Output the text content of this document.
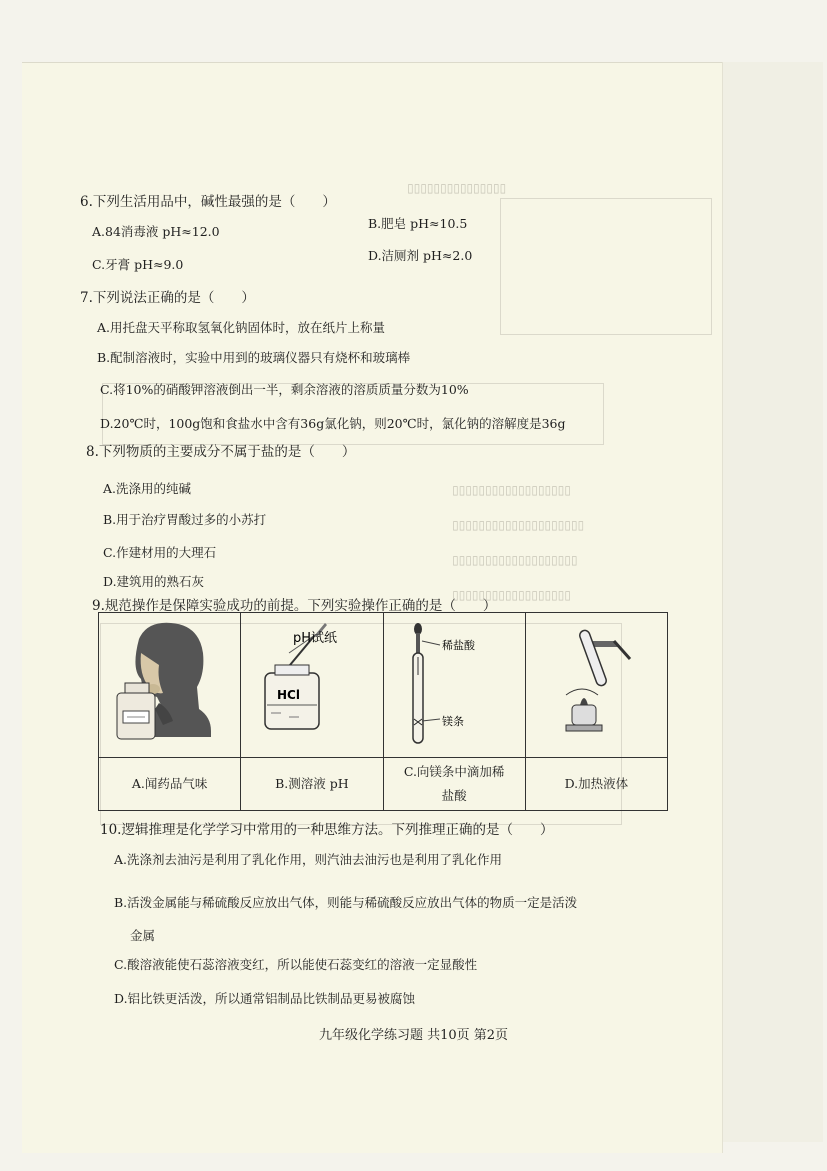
▯▯▯▯▯▯▯▯▯▯▯▯▯▯▯
▯▯▯▯▯▯▯▯▯▯▯▯▯▯▯▯▯▯
▯▯▯▯▯▯▯▯▯▯▯▯▯▯▯▯▯▯▯▯
▯▯▯▯▯▯▯▯▯▯▯▯▯▯▯▯▯▯▯
▯▯▯▯▯▯▯▯▯▯▯▯▯▯▯▯▯▯
6.下列生活用品中，碱性最强的是（　　）
A.84消毒液 pH≈12.0
B.肥皂 pH≈10.5
C.牙膏 pH≈9.0
D.洁厕剂 pH≈2.0
7.下列说法正确的是（　　）
A.用托盘天平称取氢氧化钠固体时，放在纸片上称量
B.配制溶液时，实验中用到的玻璃仪器只有烧杯和玻璃棒
C.将10%的硝酸钾溶液倒出一半，剩余溶液的溶质质量分数为10%
D.20℃时，100g饱和食盐水中含有36g氯化钠，则20℃时，氯化钠的溶解度是36g
8.下列物质的主要成分不属于盐的是（　　）
A.洗涤用的纯碱
B.用于治疗胃酸过多的小苏打
C.作建材用的大理石
D.建筑用的熟石灰
9.规范操作是保障实验成功的前提。下列实验操作正确的是（　　）

pH试纸
HCl	稀盐酸
镁条

A.闻药品气味	B.测溶液 pH	C.向镁条中滴加稀
盐酸	D.加热液体
10.逻辑推理是化学学习中常用的一种思维方法。下列推理正确的是（　　）
A.洗涤剂去油污是利用了乳化作用，则汽油去油污也是利用了乳化作用
B.活泼金属能与稀硫酸反应放出气体，则能与稀硫酸反应放出气体的物质一定是活泼
金属
C.酸溶液能使石蕊溶液变红，所以能使石蕊变红的溶液一定显酸性
D.铝比铁更活泼，所以通常铝制品比铁制品更易被腐蚀
九年级化学练习题 共10页 第2页
